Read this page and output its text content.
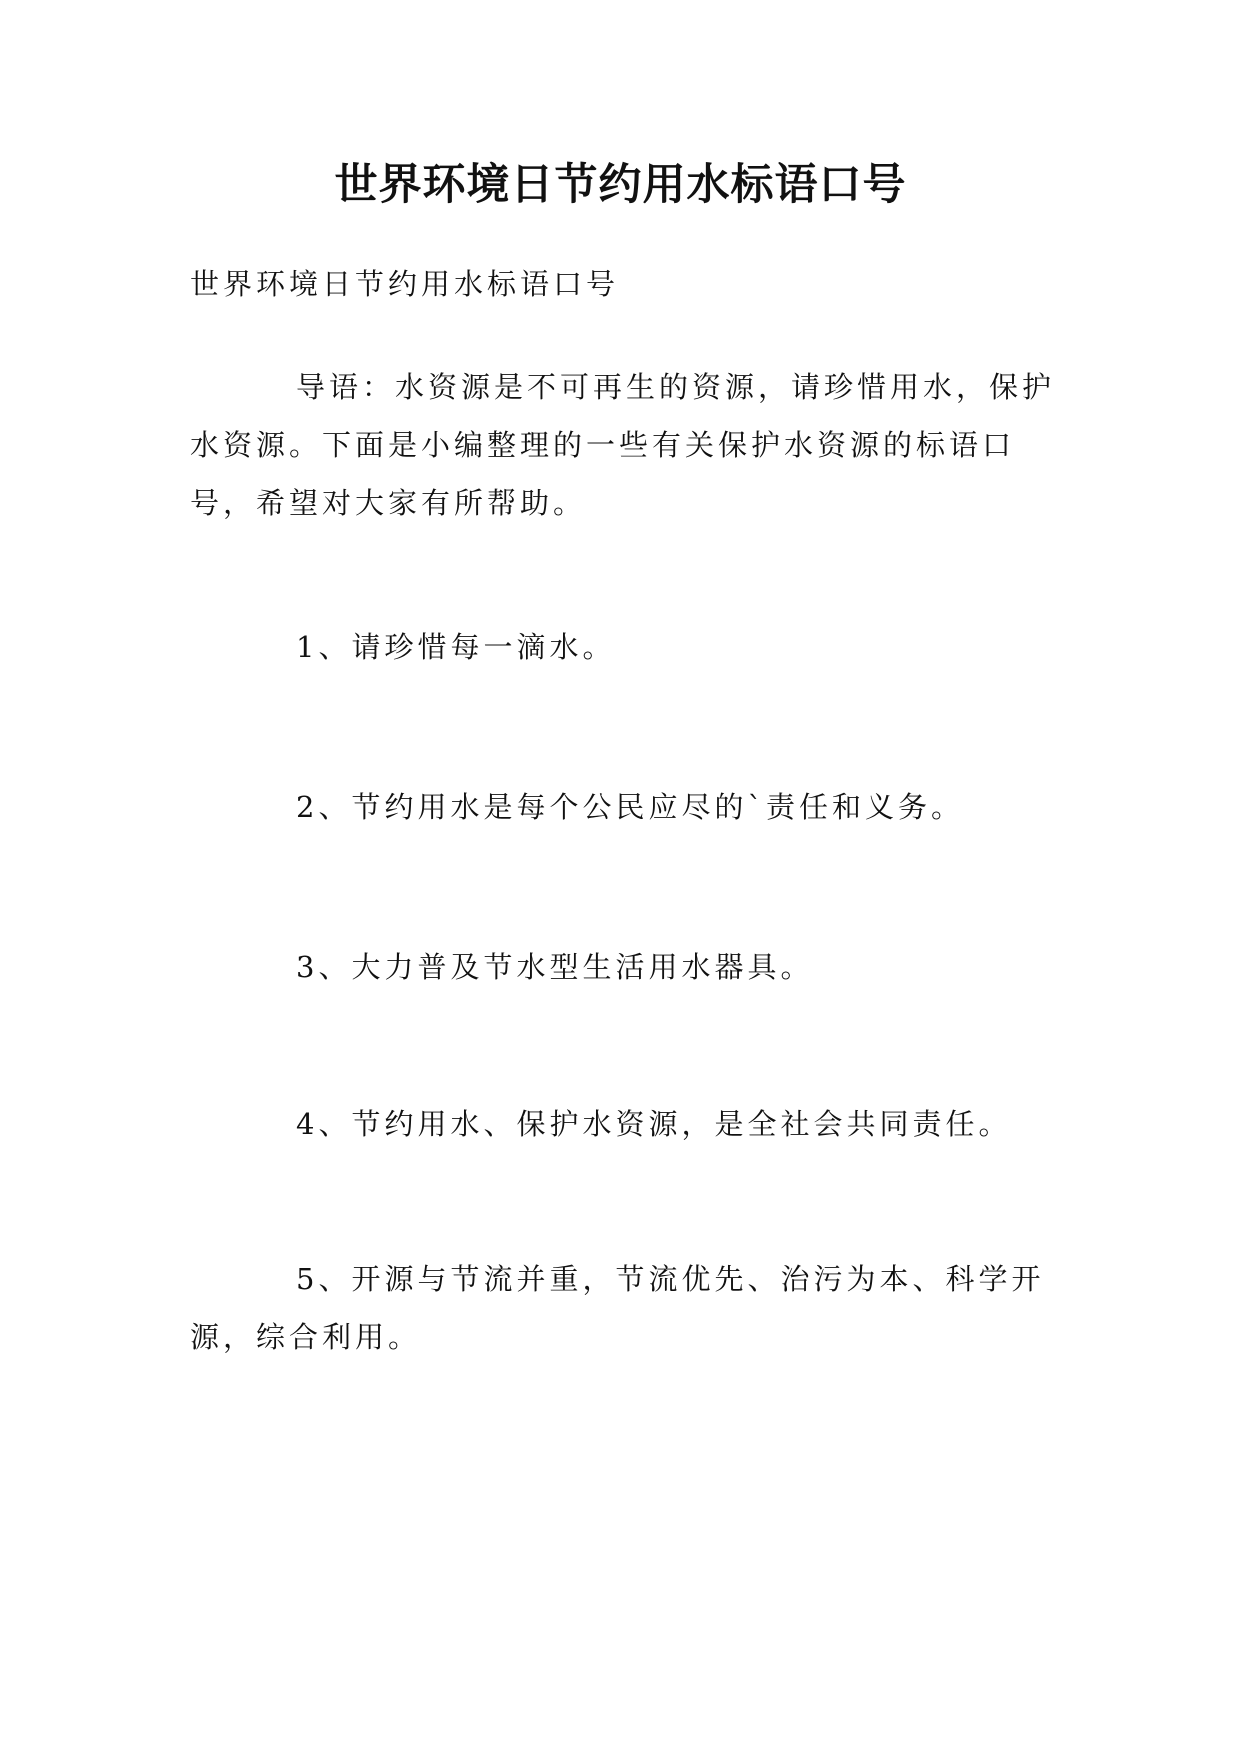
世界环境日节约用水标语口号

世界环境日节约用水标语口号

导语：水资源是不可再生的资源，请珍惜用水，保护水资源。下面是小编整理的一些有关保护水资源的标语口号，希望对大家有所帮助。

1、请珍惜每一滴水。

2、节约用水是每个公民应尽的`责任和义务。

3、大力普及节水型生活用水器具。

4、节约用水、保护水资源，是全社会共同责任。

5、开源与节流并重，节流优先、治污为本、科学开源，综合利用。
